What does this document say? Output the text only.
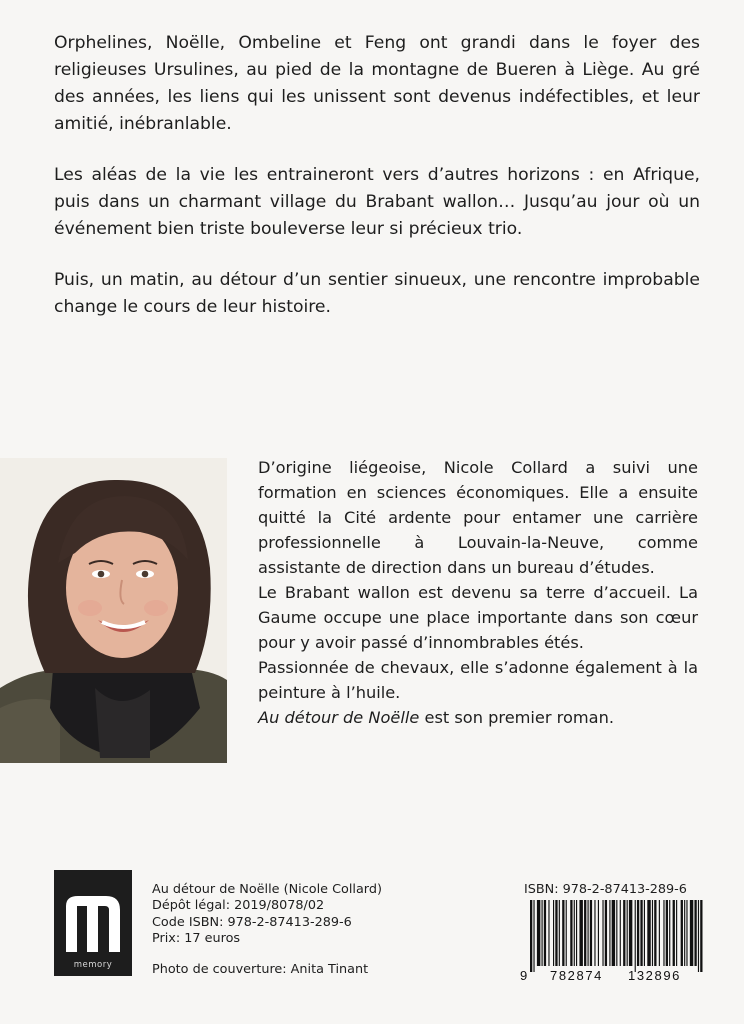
Orphelines, Noëlle, Ombeline et Feng ont grandi dans le foyer des religieuses Ursulines, au pied de la montagne de Bueren à Liège. Au gré des années, les liens qui les unissent sont devenus indéfectibles, et leur amitié, inébranlable.

Les aléas de la vie les entraineront vers d’autres horizons : en Afrique, puis dans un charmant village du Brabant wallon… Jusqu’au jour où un événement bien triste bouleverse leur si précieux trio.

Puis, un matin, au détour d’un sentier sinueux, une rencontre improbable change le cours de leur histoire.

D’origine liégeoise, Nicole Collard a suivi une formation en sciences économiques. Elle a ensuite quitté la Cité ardente pour entamer une carrière professionnelle à Louvain-la-Neuve, comme assistante de direction dans un bureau d’études.

Le Brabant wallon est devenu sa terre d’accueil. La Gaume occupe une place importante dans son cœur pour y avoir passé d’innombrables étés.

Passionnée de chevaux, elle s’adonne également à la peinture à l’huile.

Au détour de Noëlle est son premier roman.

memory
Au détour de Noëlle (Nicole Collard)
Dépôt légal: 2019/8078/02
Code ISBN: 978-2-87413-289-6
Prix: 17 euros
Photo de couverture: Anita Tinant
ISBN: 978-2-87413-289-6
9 782874 132896
